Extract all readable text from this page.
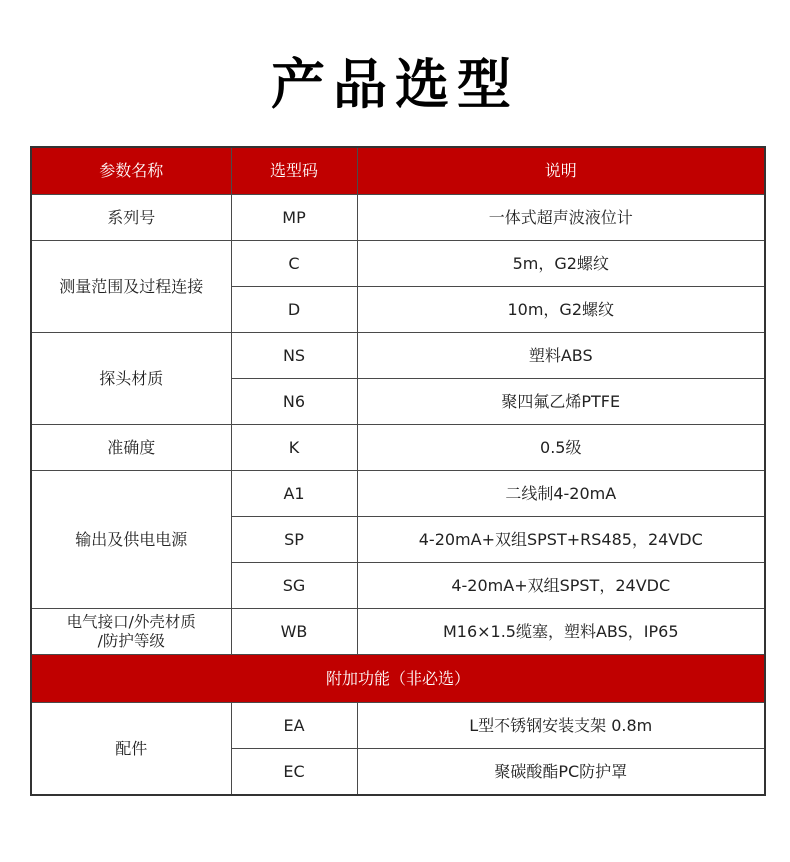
产品选型
参数名称	选型码	说明
系列号	MP	一体式超声波液位计
测量范围及过程连接	C	5m，G2螺纹
	D	10m，G2螺纹
探头材质	NS	塑料ABS
	N6	聚四氟乙烯PTFE
准确度	K	0.5级
输出及供电电源	A1	二线制4-20mA
	SP	4-20mA+双组SPST+RS485，24VDC
	SG	4-20mA+双组SPST，24VDC

电气接口/外壳材质
/防护等级	WB	M16×1.5缆塞，塑料ABS，IP65
附加功能（非必选）		
配件	EA	L型不锈钢安装支架 0.8m
	EC	聚碳酸酯PC防护罩
